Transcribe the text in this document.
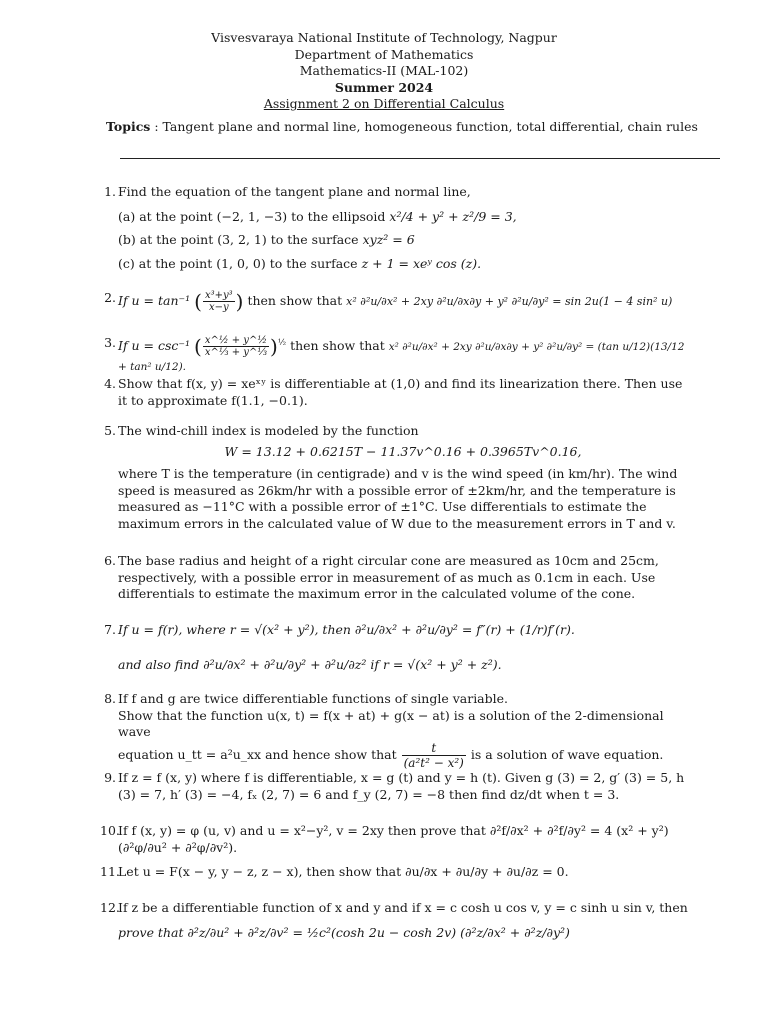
Visvesvaraya National Institute of Technology, Nagpur
Department of Mathematics
Mathematics-II (MAL-102)
Summer 2024
Assignment 2 on Differential Calculus
Topics : Tangent plane and normal line, homogeneous function, total differential, chain rules
1. Find the equation of the tangent plane and normal line,

(a) at the point (−2, 1, −3) to the ellipsoid x²/4 + y² + z²/9 = 3,

(b) at the point (3, 2, 1) to the surface xyz² = 6

(c) at the point (1, 0, 0) to the surface z + 1 = xeʸ cos (z).

2. If u = tan⁻¹ ( $\frac{\text{x³+y³}}{x-y}$ ) then show that x² ∂²u/∂x² + 2xy ∂²u/∂x∂y + y² ∂²u/∂y² = sin 2u(1 − 4 sin² u)
3. If u = csc⁻¹ ( $\frac{\text{x\textasciicircum{}½ + y\textasciicircum{}½}}{\text{x\textasciicircum{}⅓ + y\textasciicircum{}⅓}} )^{\frac{1}{2}}$ then show that x² ∂²u/∂x² + 2xy ∂²u/∂x∂y + y² ∂²u/∂y² = (tan u/12)(13/12 + tan² u/12).
4. Show that f(x, y) = xeˣʸ is differentiable at (1,0) and find its linearization there. Then use it to approximate f(1.1, −0.1).

5. The wind-chill index is modeled by the function

W = 13.12 + 0.6215T − 11.37v^0.16 + 0.3965Tv^0.16,

where T is the temperature (in centigrade) and v is the wind speed (in km/hr). The wind speed is measured as 26km/hr with a possible error of ±2km/hr, and the temperature is measured as −11°C with a possible error of ±1°C. Use differentials to estimate the maximum errors in the calculated value of W due to the measurement errors in T and v.

6. The base radius and height of a right circular cone are measured as 10cm and 25cm, respectively, with a possible error in measurement of as much as 0.1cm in each. Use differentials to estimate the maximum error in the calculated volume of the cone.

7. If u = f(r), where r = √(x² + y²), then ∂²u/∂x² + ∂²u/∂y² = f″(r) + (1/r)f′(r).

and also find ∂²u/∂x² + ∂²u/∂y² + ∂²u/∂z² if r = √(x² + y² + z²).

8. If f and g are twice differentiable functions of single variable.

Show that the function u(x, t) = f(x + at) + g(x − at) is a solution of the 2-dimensional wave

equation u_tt = a²u_xx and hence show that $\frac{t}{\text{(a²t² − x²)}}$ is a solution of wave equation.

9. If z = f (x, y) where f is differentiable, x = g (t) and y = h (t). Given g (3) = 2, g′ (3) = 5, h (3) = 7, h′ (3) = −4, fₓ (2, 7) = 6 and f_y (2, 7) = −8 then find dz/dt when t = 3.

10.

If f (x, y) = φ (u, v) and u = x²−y², v = 2xy then prove that ∂²f/∂x² + ∂²f/∂y² = 4 (x² + y²) (∂²φ/∂u² + ∂²φ/∂v²).

11.

Let u = F(x − y, y − z, z − x), then show that ∂u/∂x + ∂u/∂y + ∂u/∂z = 0.

12.

If z be a differentiable function of x and y and if x = c cosh u cos v, y = c sinh u sin v, then

prove that ∂²z/∂u² + ∂²z/∂v² = ½c²(cosh 2u − cosh 2v) (∂²z/∂x² + ∂²z/∂y²)
